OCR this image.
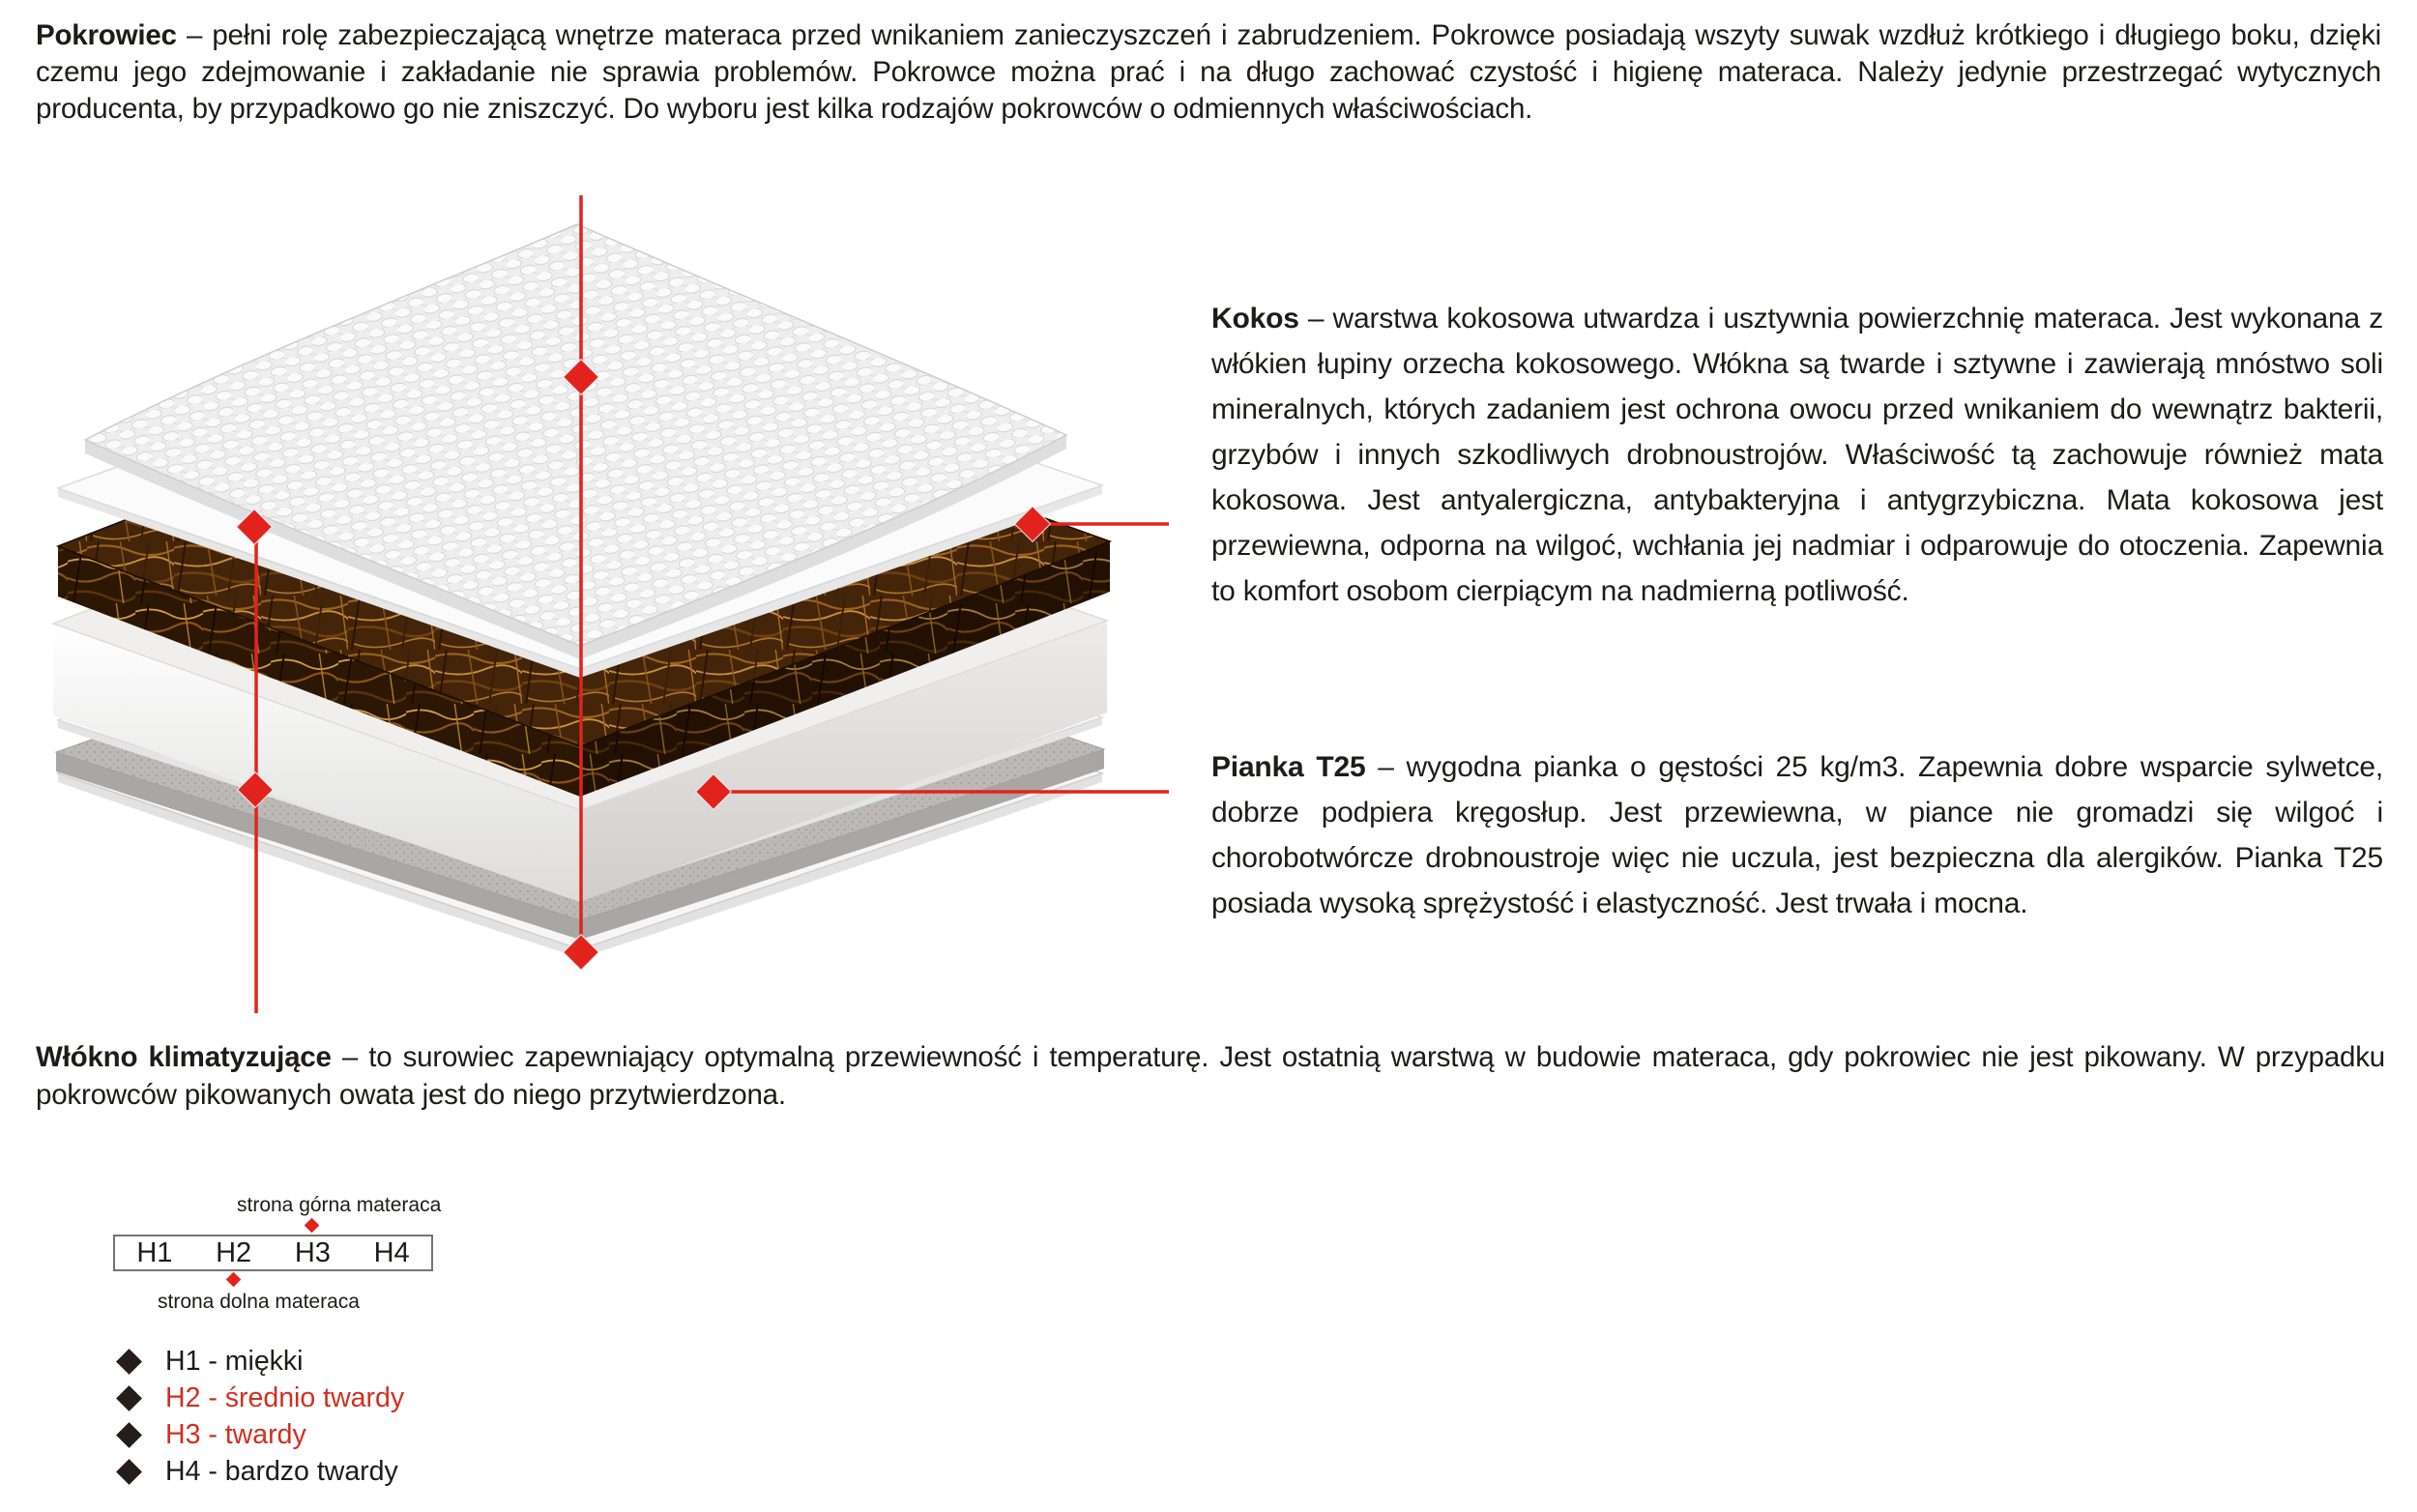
Pokrowiec – pełni rolę zabezpieczającą wnętrze materaca przed wnikaniem zanieczyszczeń i zabrudzeniem. Pokrowce posiadają wszyty suwak wzdłuż krótkiego i długiego boku, dzięki czemu jego zdejmowanie i zakładanie nie sprawia problemów. Pokrowce można prać i na długo zachować czystość i higienę materaca. Należy jedynie przestrzegać wytycznych producenta, by przypadkowo go nie zniszczyć. Do wyboru jest kilka rodzajów pokrowców o odmiennych właściwościach.

Kokos – warstwa kokosowa utwardza i usztywnia powierzchnię materaca. Jest wykonana z włókien łupiny orzecha kokosowego. Włókna są twarde i sztywne i zawierają mnóstwo soli mineralnych, których zadaniem jest ochrona owocu przed wnikaniem do wewnątrz bakterii, grzybów i innych szkodliwych drobnoustrojów. Właściwość tą zachowuje również mata kokosowa. Jest antyalergiczna, antybakteryjna i antygrzybiczna. Mata kokosowa jest przewiewna, odporna na wilgoć, wchłania jej nadmiar i odparowuje do otoczenia. Zapewnia to komfort osobom cierpiącym na nadmierną potliwość.

Pianka T25 – wygodna pianka o gęstości 25 kg/m3. Zapewnia dobre wsparcie sylwetce, dobrze podpiera kręgosłup. Jest przewiewna, w piance nie gromadzi się wilgoć i chorobotwórcze drobnoustroje więc nie uczula, jest bezpieczna dla alergików. Pianka T25 posiada wysoką sprężystość i elastyczność. Jest trwała i mocna.

Włókno klimatyzujące – to surowiec zapewniający optymalną przewiewność i temperaturę. Jest ostatnią warstwą w budowie materaca, gdy pokrowiec nie jest pikowany. W przypadku pokrowców pikowanych owata jest do niego przytwierdzona.

strona górna materaca
H1	H2	H3	H4
strona dolna materaca
H1 - miękki
H2 - średnio twardy
H3 - twardy
H4 - bardzo twardy
